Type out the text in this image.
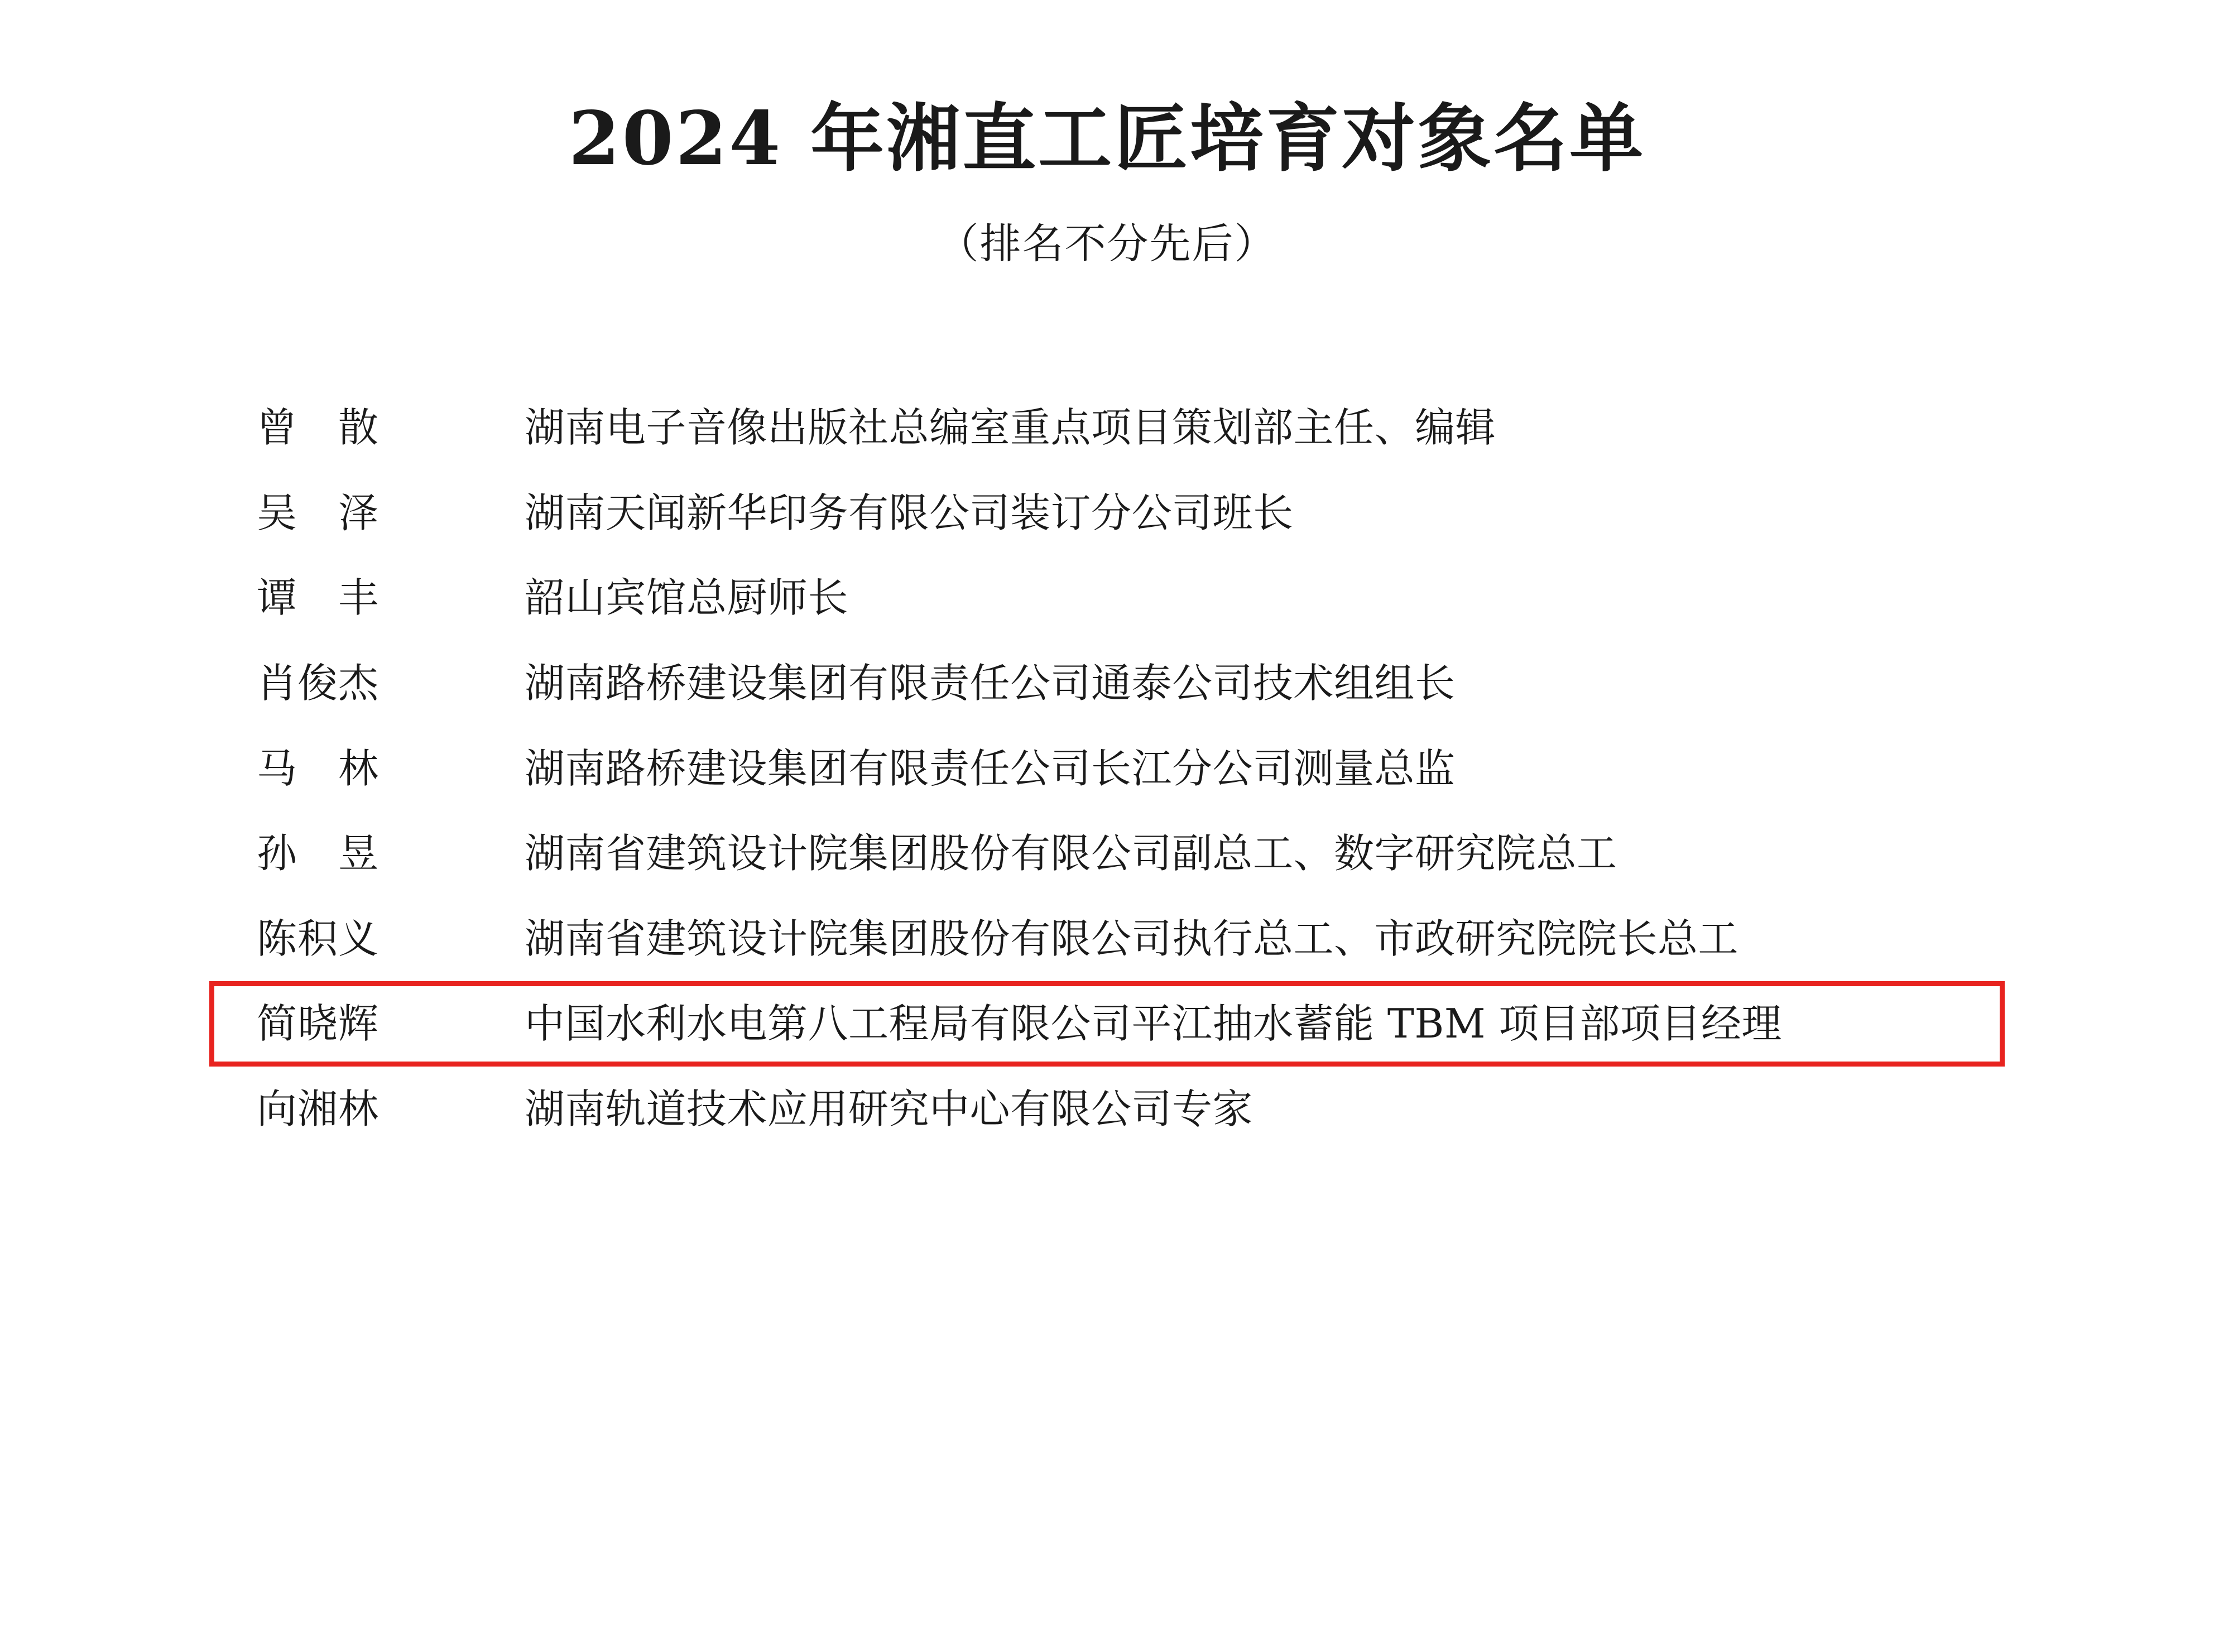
2024 年湘直工匠培育对象名单
（排名不分先后）
曾　散	湖南电子音像出版社总编室重点项目策划部主任、编辑
吴　泽	湖南天闻新华印务有限公司装订分公司班长
谭　丰	韶山宾馆总厨师长
肖俊杰	湖南路桥建设集团有限责任公司通泰公司技术组组长
马　林	湖南路桥建设集团有限责任公司长江分公司测量总监
孙　昱	湖南省建筑设计院集团股份有限公司副总工、数字研究院总工
陈积义	湖南省建筑设计院集团股份有限公司执行总工、市政研究院院长总工
简晓辉	中国水利水电第八工程局有限公司平江抽水蓄能 TBM 项目部项目经理
向湘林	湖南轨道技术应用研究中心有限公司专家
